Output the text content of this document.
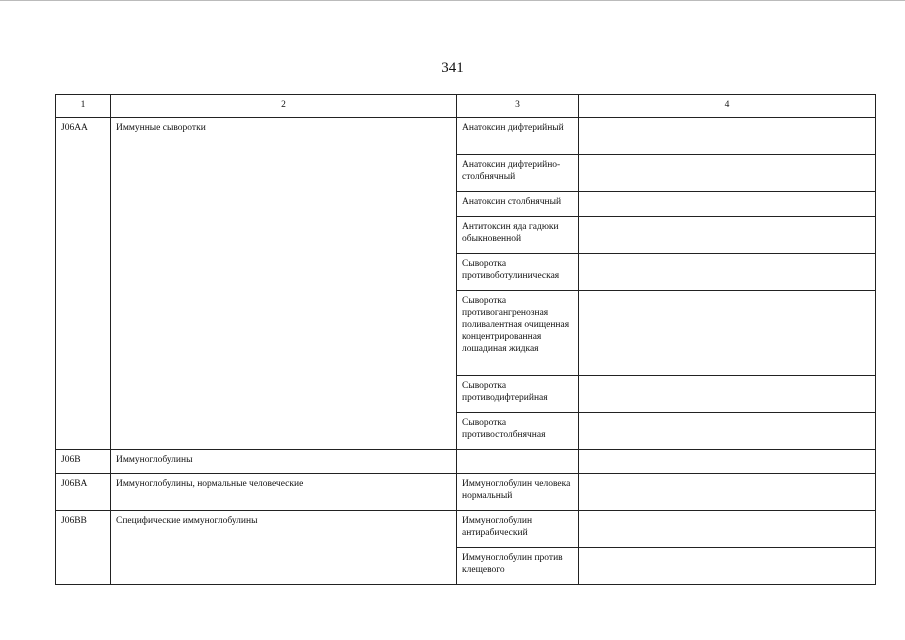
341
1	2	3	4
J06AA	Иммунные сыворотки	Анатоксин дифтерийный	
		Анатоксин дифтерийно-столбнячный	
		Анатоксин столбнячный	
		Антитоксин яда гадюки обыкновенной	
		Сыворотка противоботулиническая	
		Сыворотка противогангренозная поливалентная очищенная концентрированная лошадиная жидкая	
		Сыворотка противодифтерийная	
		Сыворотка противостолбнячная	
J06B	Иммуноглобулины		
J06BA	Иммуноглобулины, нормальные человеческие	Иммуноглобулин человека нормальный	
J06BB	Специфические иммуноглобулины	Иммуноглобулин антирабический	
		Иммуноглобулин против клещевого	
